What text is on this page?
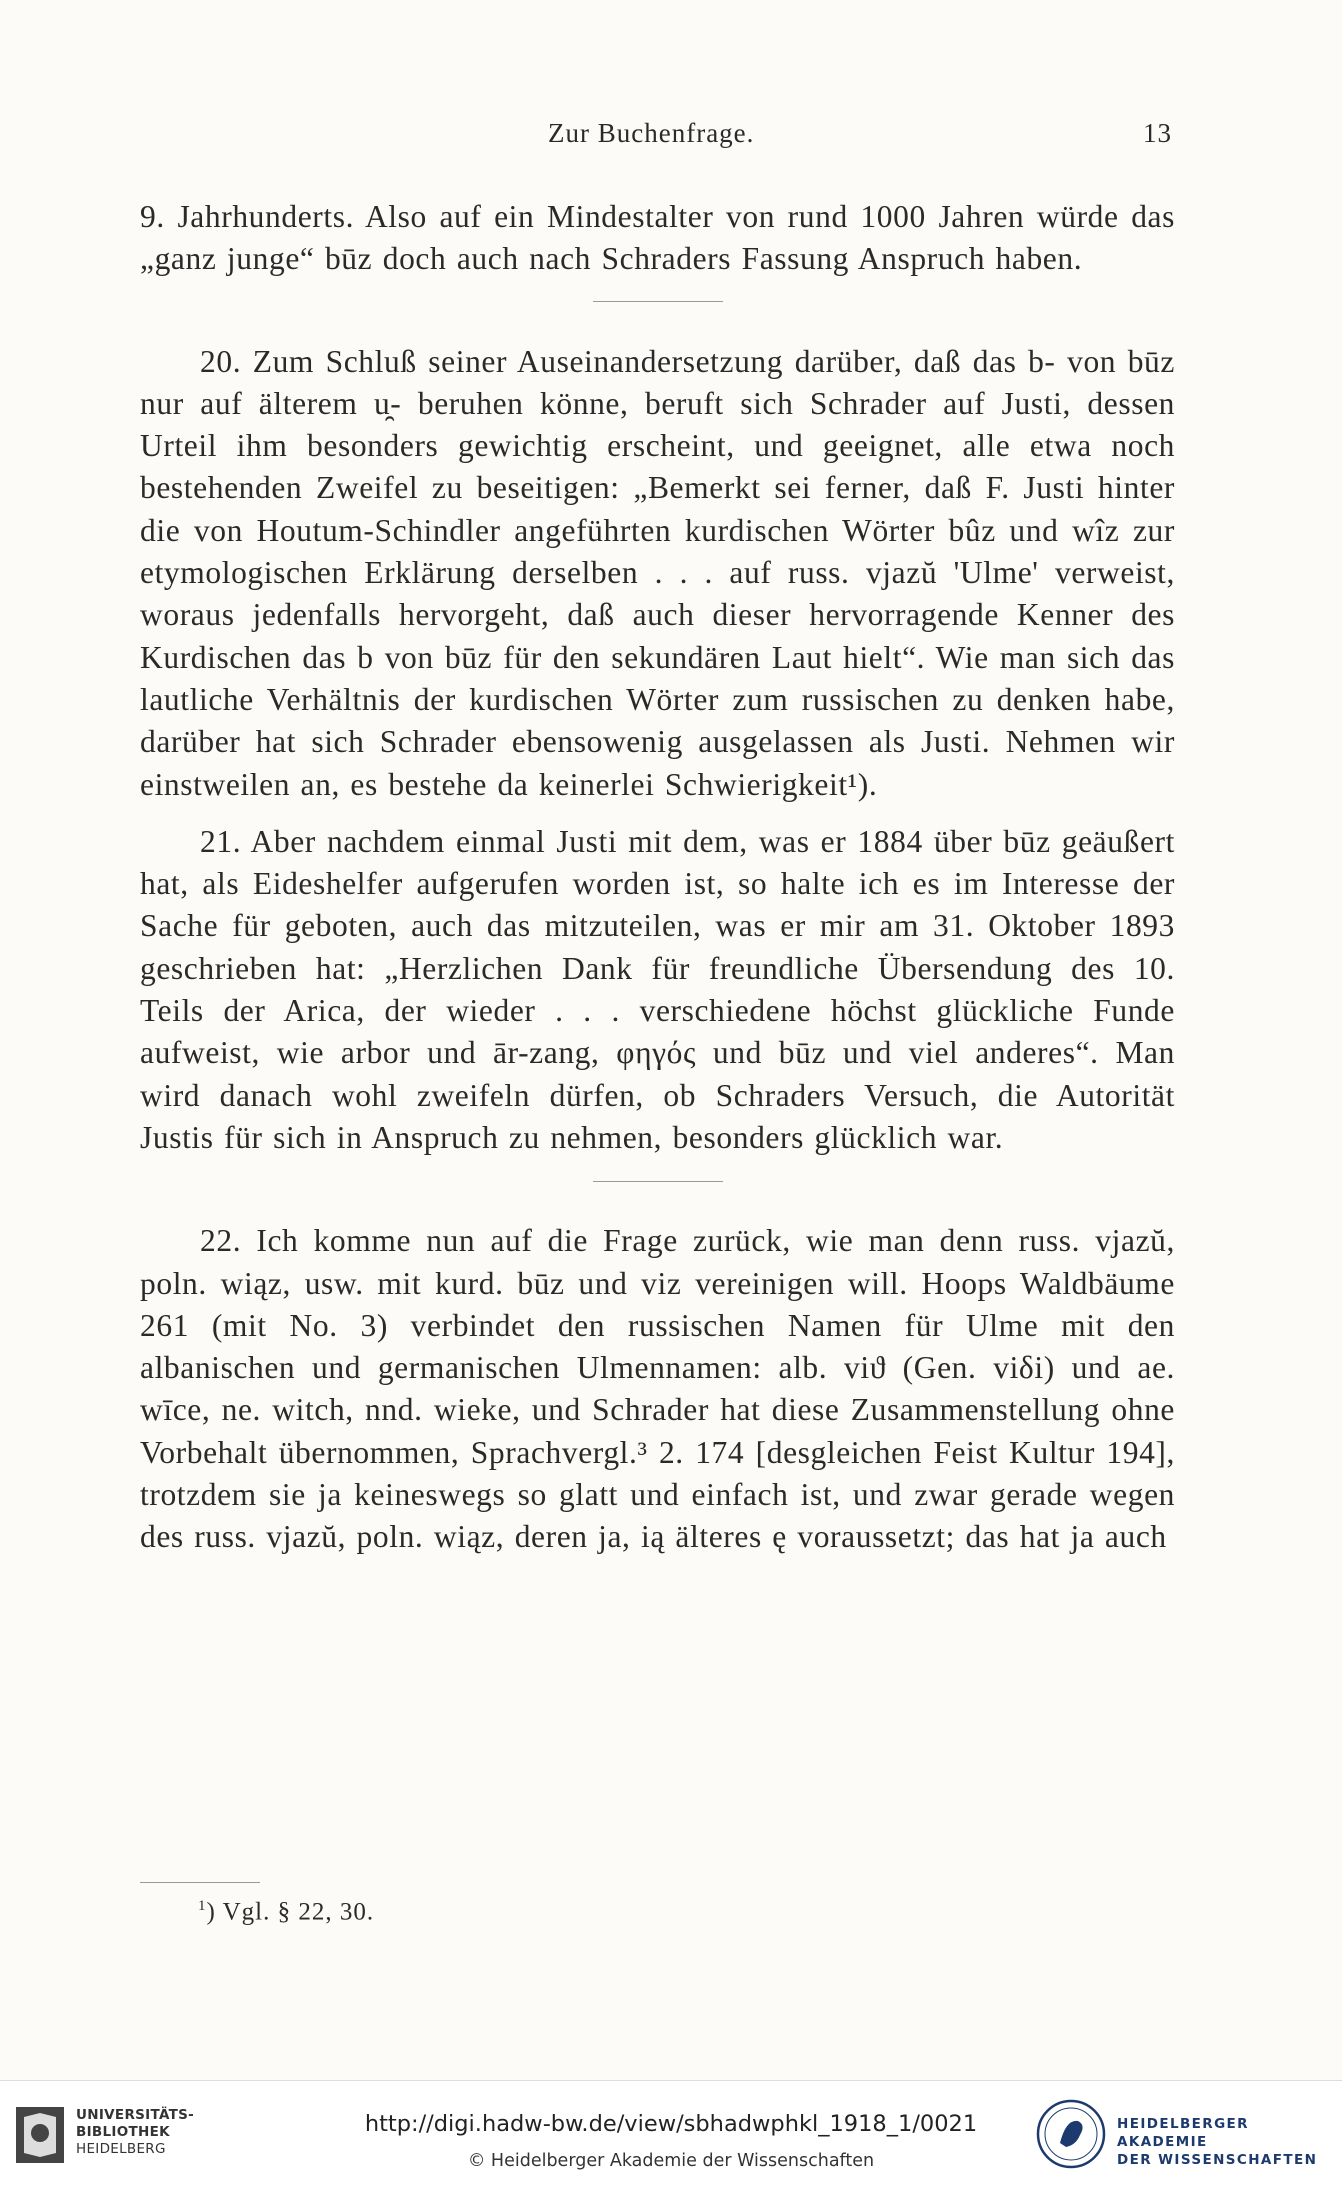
Zur Buchenfrage.	13

9. Jahrhunderts. Also auf ein Mindestalter von rund 1000 Jahren würde das „ganz junge“ būz doch auch nach Schraders Fassung Anspruch haben.

20. Zum Schluß seiner Auseinandersetzung darüber, daß das b- von būz nur auf älterem u̯- beruhen könne, beruft sich Schrader auf Justi, dessen Urteil ihm besonders gewichtig erscheint, und geeignet, alle etwa noch bestehenden Zweifel zu beseitigen: „Bemerkt sei ferner, daß F. Justi hinter die von Houtum-Schindler angeführten kurdischen Wörter bûz und wîz zur etymologischen Erklärung derselben . . . auf russ. vjazŭ 'Ulme' verweist, woraus jedenfalls hervorgeht, daß auch dieser hervorragende Kenner des Kurdischen das b von būz für den sekundären Laut hielt“. Wie man sich das lautliche Verhältnis der kurdischen Wörter zum russischen zu denken habe, darüber hat sich Schrader ebensowenig ausgelassen als Justi. Nehmen wir einstweilen an, es bestehe da keinerlei Schwierigkeit¹).

21. Aber nachdem einmal Justi mit dem, was er 1884 über būz geäußert hat, als Eideshelfer aufgerufen worden ist, so halte ich es im Interesse der Sache für geboten, auch das mitzuteilen, was er mir am 31. Oktober 1893 geschrieben hat: „Herzlichen Dank für freundliche Übersendung des 10. Teils der Arica, der wieder . . . verschiedene höchst glückliche Funde aufweist, wie arbor und ār-zang, φηγός und būz und viel anderes“. Man wird danach wohl zweifeln dürfen, ob Schraders Versuch, die Autorität Justis für sich in Anspruch zu nehmen, besonders glücklich war.

22. Ich komme nun auf die Frage zurück, wie man denn russ. vjazŭ, poln. wiąz, usw. mit kurd. būz und viz vereinigen will. Hoops Waldbäume 261 (mit No. 3) verbindet den russischen Namen für Ulme mit den albanischen und germanischen Ulmennamen: alb. viϑ (Gen. viδi) und ae. wīce, ne. witch, nnd. wieke, und Schrader hat diese Zusammenstellung ohne Vorbehalt übernommen, Sprachvergl.³ 2. 174 [desgleichen Feist Kultur 194], trotzdem sie ja keineswegs so glatt und einfach ist, und zwar gerade wegen des russ. vjazŭ, poln. wiąz, deren ja, ią älteres ę voraussetzt; das hat ja auch

$^1$) Vgl. § 22, 30.
UNIVERSITÄTS-
BIBLIOTHEK
HEIDELBERG
http://digi.hadw-bw.de/view/sbhadwphkl_1918_1/0021
© Heidelberger Akademie der Wissenschaften
HEIDELBERGER AKADEMIE
DER WISSENSCHAFTEN
